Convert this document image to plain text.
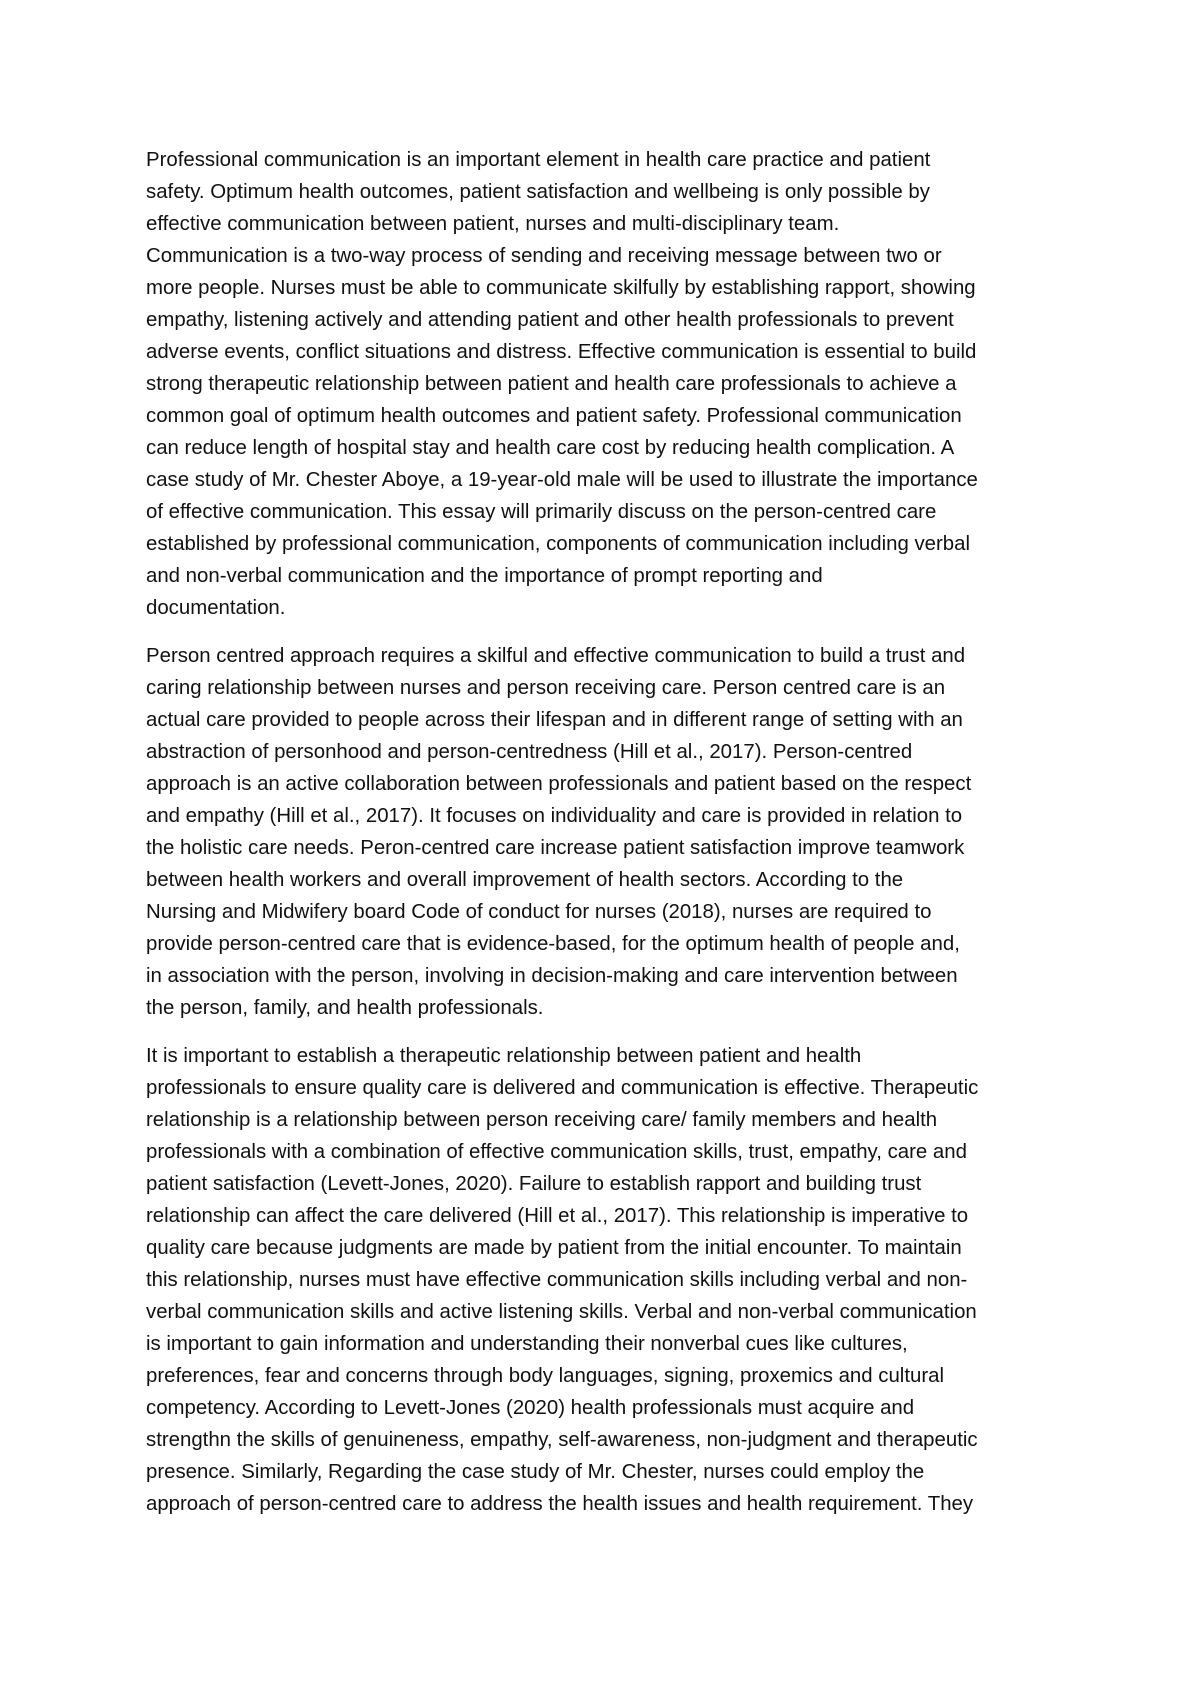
Professional communication is an important element in health care practice and patient
safety. Optimum health outcomes, patient satisfaction and wellbeing is only possible by
effective communication between patient, nurses and multi-disciplinary team.
Communication is a two-way process of sending and receiving message between two or
more people. Nurses must be able to communicate skilfully by establishing rapport, showing
empathy, listening actively and attending patient and other health professionals to prevent
adverse events, conflict situations and distress. Effective communication is essential to build
strong therapeutic relationship between patient and health care professionals to achieve a
common goal of optimum health outcomes and patient safety. Professional communication
can reduce length of hospital stay and health care cost by reducing health complication. A
case study of Mr. Chester Aboye, a 19-year-old male will be used to illustrate the importance
of effective communication. This essay will primarily discuss on the person-centred care
established by professional communication, components of communication including verbal
and non-verbal communication and the importance of prompt reporting and
documentation.

Person centred approach requires a skilful and effective communication to build a trust and
caring relationship between nurses and person receiving care. Person centred care is an
actual care provided to people across their lifespan and in different range of setting with an
abstraction of personhood and person-centredness (Hill et al., 2017). Person-centred
approach is an active collaboration between professionals and patient based on the respect
and empathy (Hill et al., 2017). It focuses on individuality and care is provided in relation to
the holistic care needs. Peron-centred care increase patient satisfaction improve teamwork
between health workers and overall improvement of health sectors. According to the
Nursing and Midwifery board Code of conduct for nurses (2018), nurses are required to
provide person-centred care that is evidence-based, for the optimum health of people and,
in association with the person, involving in decision-making and care intervention between
the person, family, and health professionals.

It is important to establish a therapeutic relationship between patient and health
professionals to ensure quality care is delivered and communication is effective. Therapeutic
relationship is a relationship between person receiving care/ family members and health
professionals with a combination of effective communication skills, trust, empathy, care and
patient satisfaction (Levett-Jones, 2020). Failure to establish rapport and building trust
relationship can affect the care delivered (Hill et al., 2017). This relationship is imperative to
quality care because judgments are made by patient from the initial encounter. To maintain
this relationship, nurses must have effective communication skills including verbal and non-
verbal communication skills and active listening skills. Verbal and non-verbal communication
is important to gain information and understanding their nonverbal cues like cultures,
preferences, fear and concerns through body languages, signing, proxemics and cultural
competency. According to Levett-Jones (2020) health professionals must acquire and
strengthn the skills of genuineness, empathy, self-awareness, non-judgment and therapeutic
presence. Similarly, Regarding the case study of Mr. Chester, nurses could employ the
approach of person-centred care to address the health issues and health requirement. They
